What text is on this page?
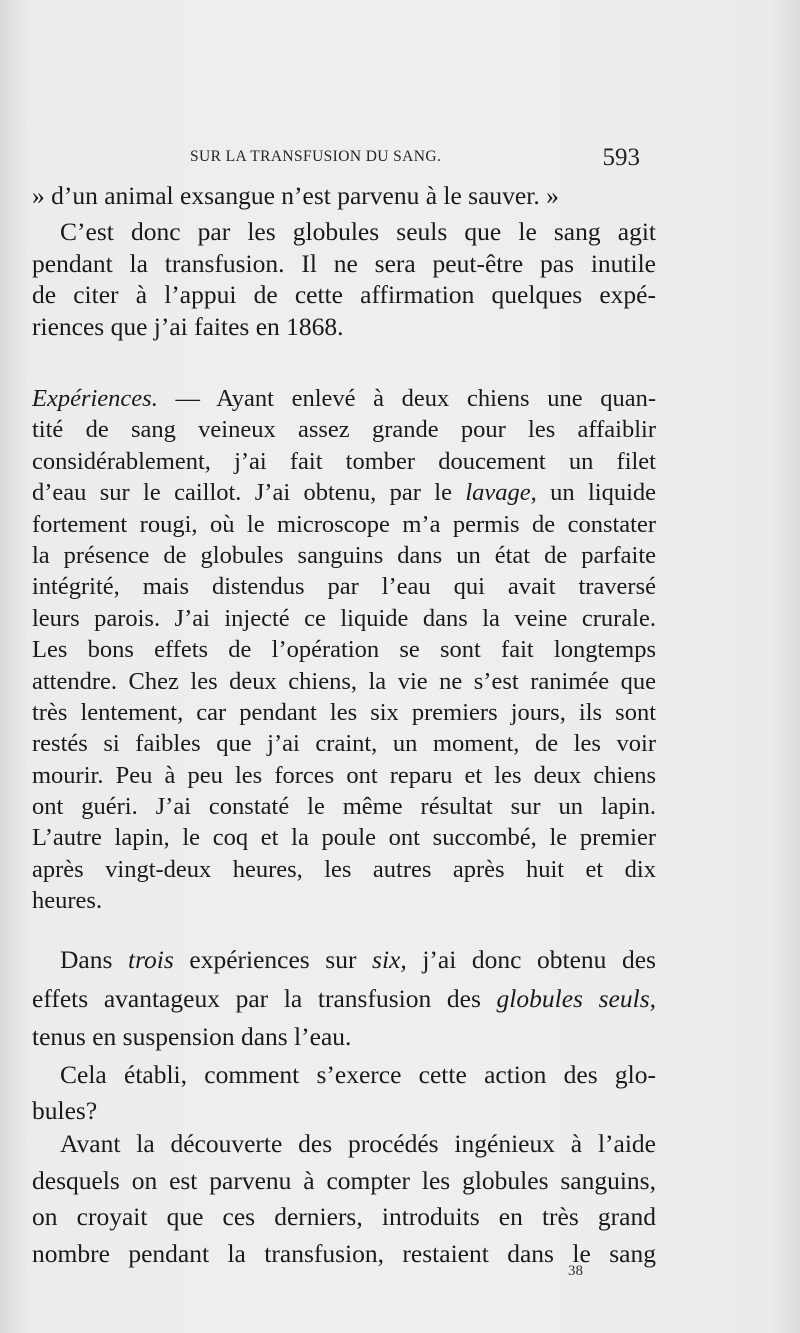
SUR LA TRANSFUSION DU SANG.	593
» d’un animal exsangue n’est parvenu à le sauver. »
C’est donc par les globules seuls que le sang agit
pendant la transfusion. Il ne sera peut-être pas inutile
de citer à l’appui de cette affirmation quelques expé-
riences que j’ai faites en 1868.
Expériences. — Ayant enlevé à deux chiens une quan-
tité de sang veineux assez grande pour les affaiblir
considérablement, j’ai fait tomber doucement un filet
d’eau sur le caillot. J’ai obtenu, par le lavage, un liquide
fortement rougi, où le microscope m’a permis de constater
la présence de globules sanguins dans un état de parfaite
intégrité, mais distendus par l’eau qui avait traversé
leurs parois. J’ai injecté ce liquide dans la veine crurale.
Les bons effets de l’opération se sont fait longtemps
attendre. Chez les deux chiens, la vie ne s’est ranimée que
très lentement, car pendant les six premiers jours, ils sont
restés si faibles que j’ai craint, un moment, de les voir
mourir. Peu à peu les forces ont reparu et les deux chiens
ont guéri. J’ai constaté le même résultat sur un lapin.
L’autre lapin, le coq et la poule ont succombé, le premier
après vingt-deux heures, les autres après huit et dix
heures.
Dans trois expériences sur six, j’ai donc obtenu des
effets avantageux par la transfusion des globules seuls,
tenus en suspension dans l’eau.
Cela établi, comment s’exerce cette action des glo-
bules?
Avant la découverte des procédés ingénieux à l’aide
desquels on est parvenu à compter les globules sanguins,
on croyait que ces derniers, introduits en très grand
nombre pendant la transfusion, restaient dans le sang
38
